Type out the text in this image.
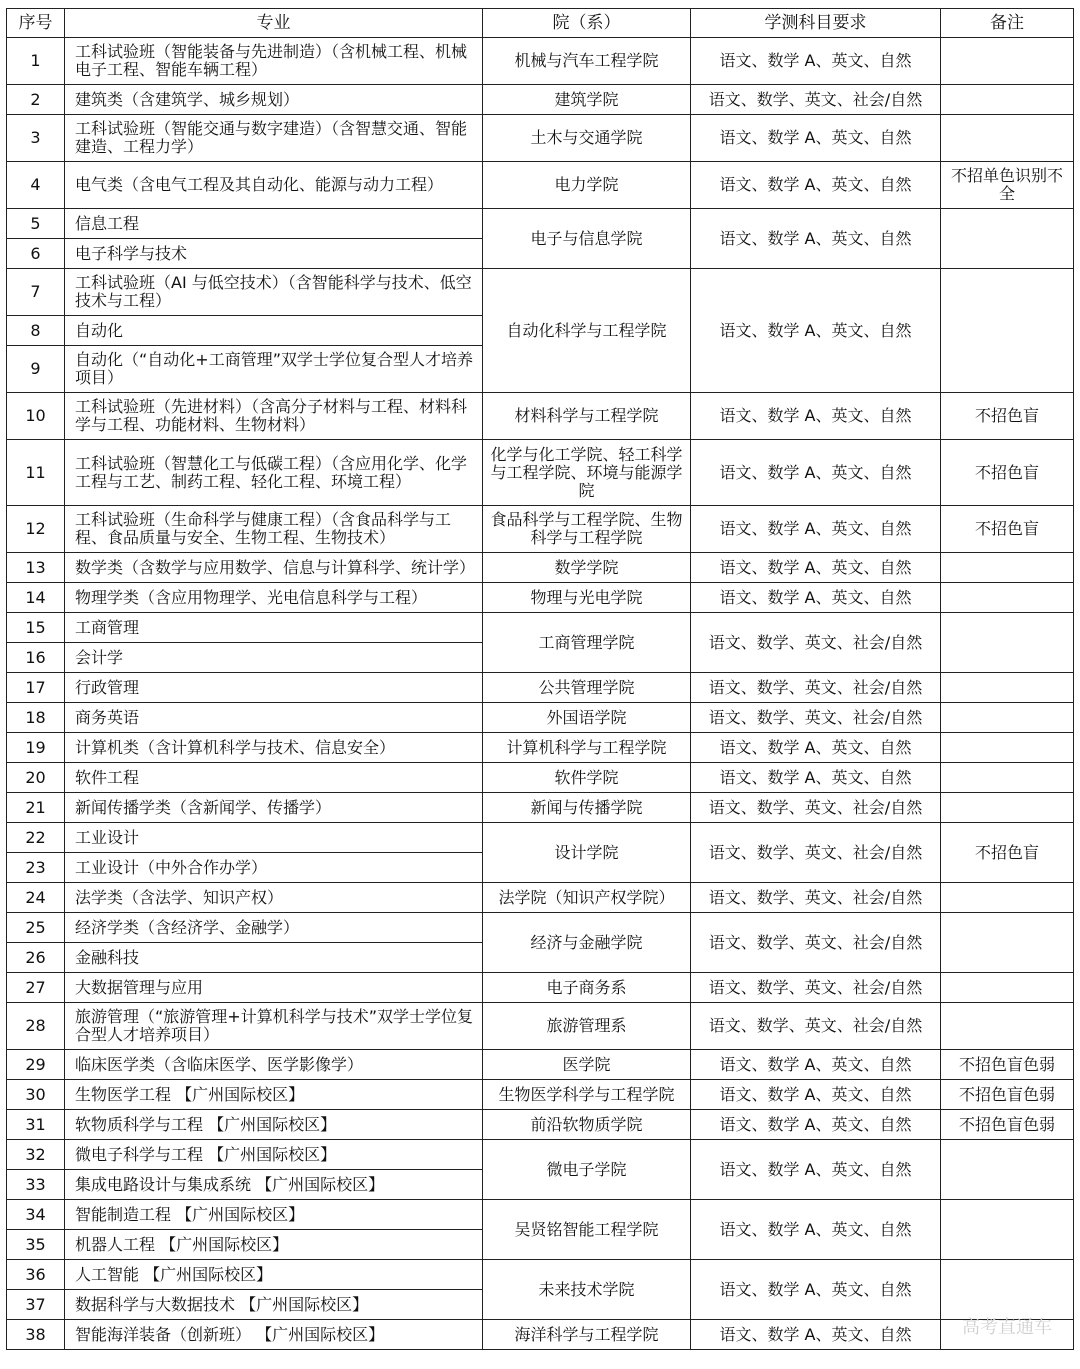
序号	专业	院（系）	学测科目要求	备注
1	工科试验班（智能装备与先进制造）（含机械工程、机械电子工程、智能车辆工程）	机械与汽车工程学院	语文、数学 A、英文、自然	
2	建筑类（含建筑学、城乡规划）	建筑学院	语文、数学、英文、社会/自然	
3	工科试验班（智能交通与数字建造）（含智慧交通、智能建造、工程力学）	土木与交通学院	语文、数学 A、英文、自然	
4	电气类（含电气工程及其自动化、能源与动力工程）	电力学院	语文、数学 A、英文、自然	不招单色识别不全
5	信息工程	电子与信息学院	语文、数学 A、英文、自然	
6	电子科学与技术			
7	工科试验班（AI 与低空技术）（含智能科学与技术、低空技术与工程）	自动化科学与工程学院	语文、数学 A、英文、自然	
8	自动化			
9	自动化（“自动化+工商管理”双学士学位复合型人才培养项目）			
10	工科试验班（先进材料）（含高分子材料与工程、材料科学与工程、功能材料、生物材料）	材料科学与工程学院	语文、数学 A、英文、自然	不招色盲
11	工科试验班（智慧化工与低碳工程）（含应用化学、化学工程与工艺、制药工程、轻化工程、环境工程）	化学与化工学院、轻工科学与工程学院、环境与能源学院	语文、数学 A、英文、自然	不招色盲
12	工科试验班（生命科学与健康工程）（含食品科学与工程、食品质量与安全、生物工程、生物技术）	食品科学与工程学院、生物科学与工程学院	语文、数学 A、英文、自然	不招色盲
13	数学类（含数学与应用数学、信息与计算科学、统计学）	数学学院	语文、数学 A、英文、自然	
14	物理学类（含应用物理学、光电信息科学与工程）	物理与光电学院	语文、数学 A、英文、自然	
15	工商管理	工商管理学院	语文、数学、英文、社会/自然	
16	会计学			
17	行政管理	公共管理学院	语文、数学、英文、社会/自然	
18	商务英语	外国语学院	语文、数学、英文、社会/自然	
19	计算机类（含计算机科学与技术、信息安全）	计算机科学与工程学院	语文、数学 A、英文、自然	
20	软件工程	软件学院	语文、数学 A、英文、自然	
21	新闻传播学类（含新闻学、传播学）	新闻与传播学院	语文、数学、英文、社会/自然	
22	工业设计	设计学院	语文、数学、英文、社会/自然	不招色盲
23	工业设计（中外合作办学）			
24	法学类（含法学、知识产权）	法学院（知识产权学院）	语文、数学、英文、社会/自然	
25	经济学类（含经济学、金融学）	经济与金融学院	语文、数学、英文、社会/自然	
26	金融科技			
27	大数据管理与应用	电子商务系	语文、数学、英文、社会/自然	
28	旅游管理（“旅游管理+计算机科学与技术”双学士学位复合型人才培养项目）	旅游管理系	语文、数学、英文、社会/自然	
29	临床医学类（含临床医学、医学影像学）	医学院	语文、数学 A、英文、自然	不招色盲色弱
30	生物医学工程 【广州国际校区】	生物医学科学与工程学院	语文、数学 A、英文、自然	不招色盲色弱
31	软物质科学与工程 【广州国际校区】	前沿软物质学院	语文、数学 A、英文、自然	不招色盲色弱
32	微电子科学与工程 【广州国际校区】	微电子学院	语文、数学 A、英文、自然	
33	集成电路设计与集成系统 【广州国际校区】			
34	智能制造工程 【广州国际校区】	吴贤铭智能工程学院	语文、数学 A、英文、自然	
35	机器人工程 【广州国际校区】			
36	人工智能 【广州国际校区】	未来技术学院	语文、数学 A、英文、自然	
37	数据科学与大数据技术 【广州国际校区】			
38	智能海洋装备（创新班） 【广州国际校区】	海洋科学与工程学院	语文、数学 A、英文、自然		高考直通车
